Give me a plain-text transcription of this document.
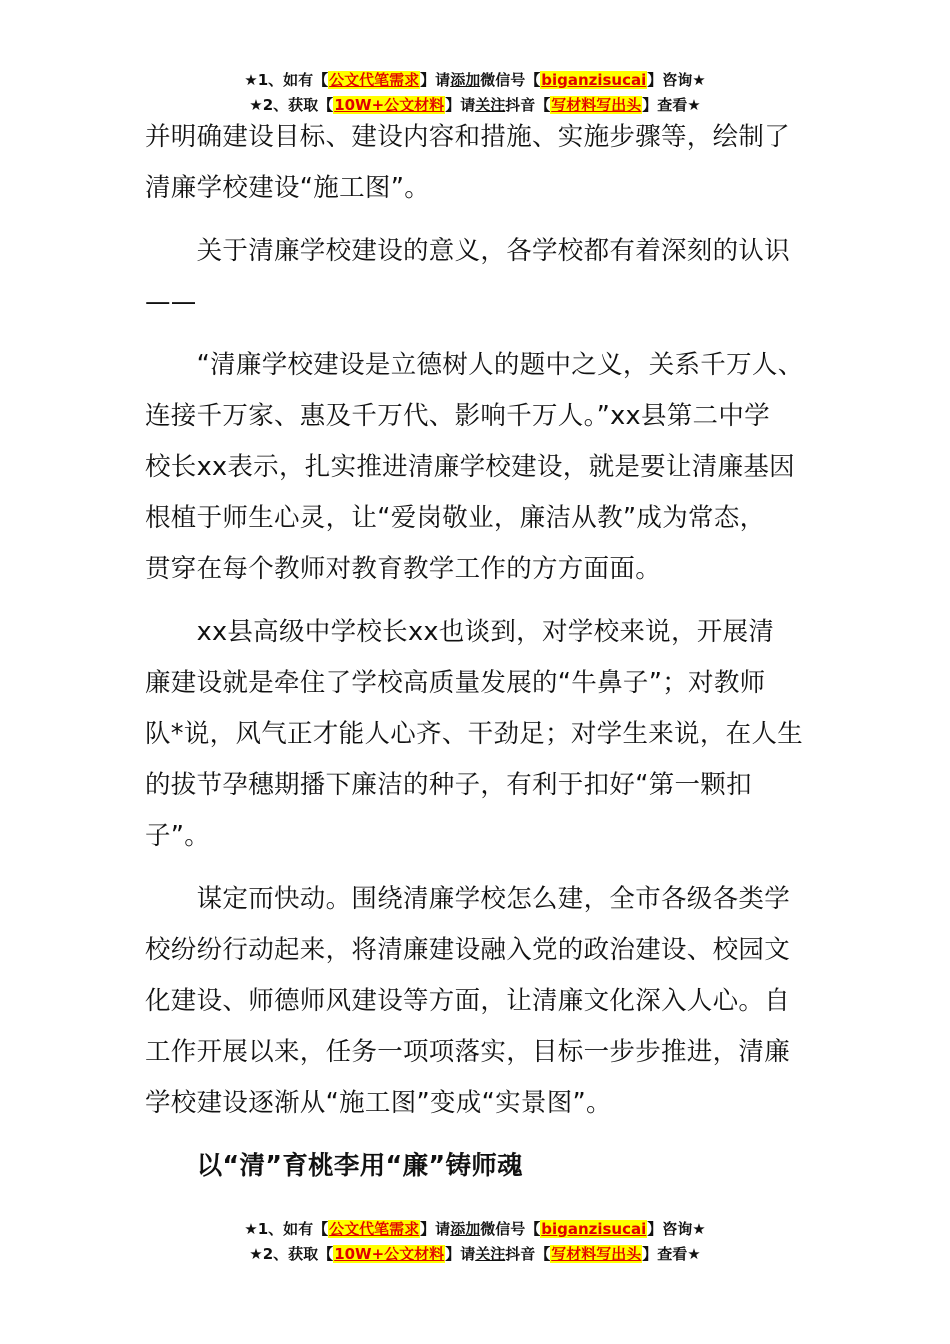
★1、如有【公文代笔需求】请添加微信号【biganzisucai】咨询★
★2、获取【10W+公文材料】请关注抖音【写材料写出头】查看★
并明确建设目标、建设内容和措施、实施步骤等，绘制了
清廉学校建设“施工图”。
　　关于清廉学校建设的意义，各学校都有着深刻的认识
——
　　“清廉学校建设是立德树人的题中之义，关系千万人、
连接千万家、惠及千万代、影响千万人。”xx县第二中学
校长xx表示，扎实推进清廉学校建设，就是要让清廉基因
根植于师生心灵，让“爱岗敬业，廉洁从教”成为常态，
贯穿在每个教师对教育教学工作的方方面面。
　　xx县高级中学校长xx也谈到，对学校来说，开展清
廉建设就是牵住了学校高质量发展的“牛鼻子”；对教师
队*说，风气正才能人心齐、干劲足；对学生来说，在人生
的拔节孕穗期播下廉洁的种子，有利于扣好“第一颗扣
子”。
　　谋定而快动。围绕清廉学校怎么建，全市各级各类学
校纷纷行动起来，将清廉建设融入党的政治建设、校园文
化建设、师德师风建设等方面，让清廉文化深入人心。自
工作开展以来，任务一项项落实，目标一步步推进，清廉
学校建设逐渐从“施工图”变成“实景图”。
　　以“清”育桃李用“廉”铸师魂
★1、如有【公文代笔需求】请添加微信号【biganzisucai】咨询★
★2、获取【10W+公文材料】请关注抖音【写材料写出头】查看★
